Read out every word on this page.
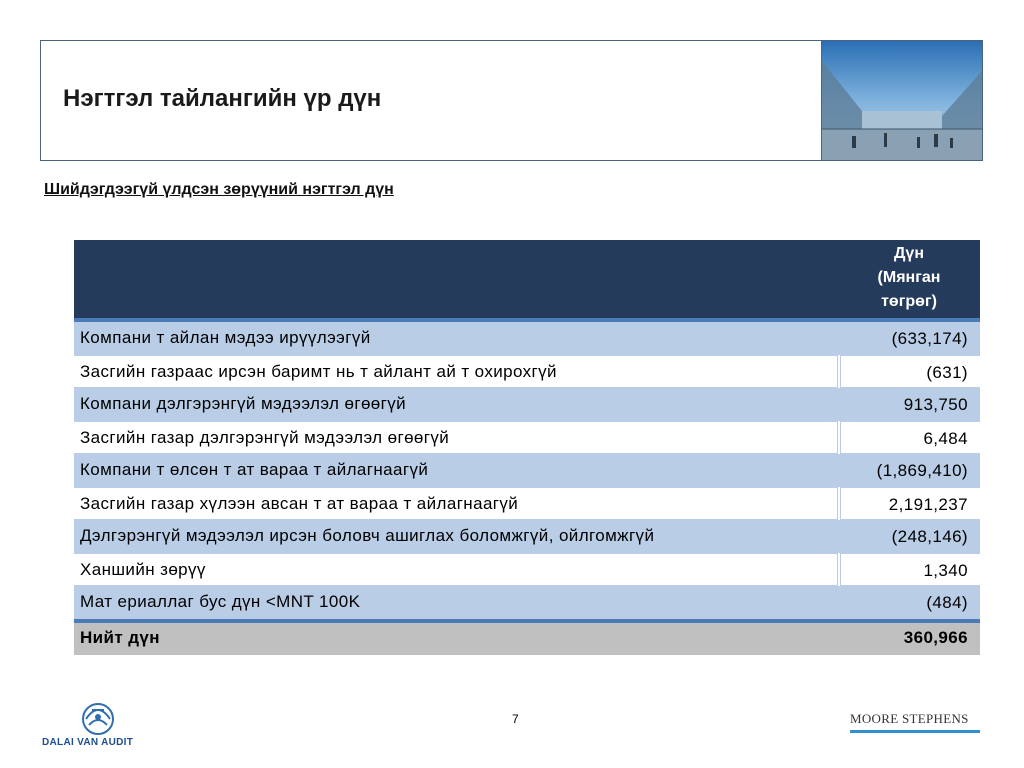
Нэгтгэл тайлангийн үр дүн
Шийдэгдээгүй үлдсэн зөрүүний нэгтгэл дүн
Дүн
(Мянган
төгрөг)
Компани т айлан мэдээ ирүүлээгүй	(633,174)
Засгийн газраас ирсэн баримт нь т айлант ай т охирохгүй	(631)
Компани дэлгэрэнгүй мэдээлэл өгөөгүй	913,750
Засгийн газар дэлгэрэнгүй мэдээлэл өгөөгүй	6,484
Компани т өлсөн т ат вараа т айлагнаагүй	(1,869,410)
Засгийн газар хүлээн авсан т ат вараа т айлагнаагүй	2,191,237
Дэлгэрэнгүй мэдээлэл ирсэн боловч ашиглах боломжгүй, ойлгомжгүй	(248,146)
Ханшийн зөрүү	1,340
Мат ериаллаг бус дүн <MNT 100K	(484)
Нийт дүн	360,966
DALAI VAN AUDIT
7	MOORE STEPHENS
